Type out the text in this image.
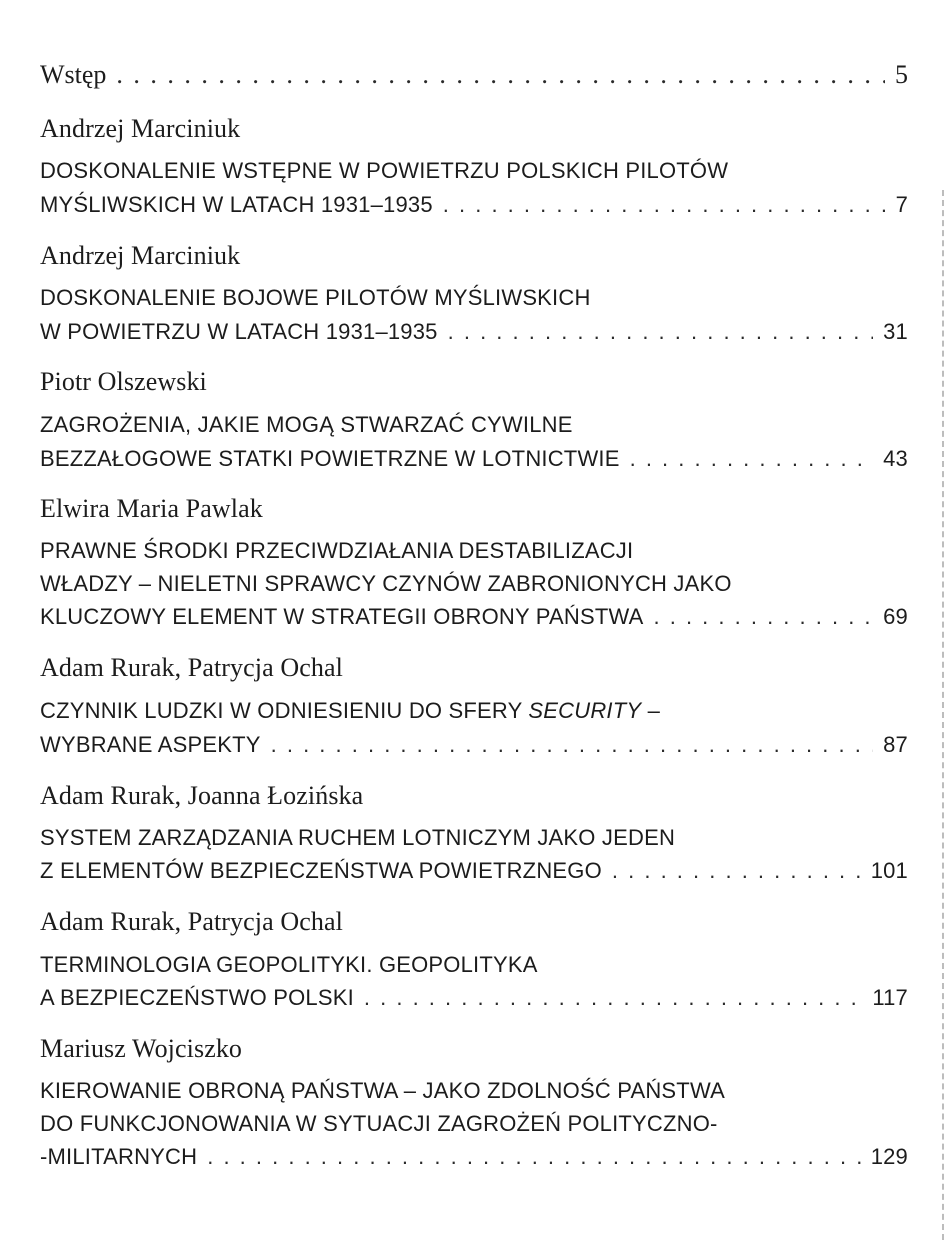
Wstęp . . .	5
Andrzej Marciniuk
DOSKONALENIE WSTĘPNE W POWIETRZU POLSKICH PILOTÓW
MYŚLIWSKICH W LATACH 1931–1935 . . .	7
Andrzej Marciniuk
DOSKONALENIE BOJOWE PILOTÓW MYŚLIWSKICH
W POWIETRZU W LATACH 1931–1935 . . .	31
Piotr Olszewski
ZAGROŻENIA, JAKIE MOGĄ STWARZAĆ CYWILNE
BEZZAŁOGOWE STATKI POWIETRZNE W LOTNICTWIE . . .	43
Elwira Maria Pawlak
PRAWNE ŚRODKI PRZECIWDZIAŁANIA DESTABILIZACJI
WŁADZY – NIELETNI SPRAWCY CZYNÓW ZABRONIONYCH JAKO
KLUCZOWY ELEMENT W STRATEGII OBRONY PAŃSTWA . . .	69
Adam Rurak, Patrycja Ochal
CZYNNIK LUDZKI W ODNIESIENIU DO SFERY SECURITY –
WYBRANE ASPEKTY . . .	87
Adam Rurak, Joanna Łozińska
SYSTEM ZARZĄDZANIA RUCHEM LOTNICZYM JAKO JEDEN
Z ELEMENTÓW BEZPIECZEŃSTWA POWIETRZNEGO . . .	101
Adam Rurak, Patrycja Ochal
TERMINOLOGIA GEOPOLITYKI. GEOPOLITYKA
A BEZPIECZEŃSTWO POLSKI . . .	117
Mariusz Wojciszko
KIEROWANIE OBRONĄ PAŃSTWA – JAKO ZDOLNOŚĆ PAŃSTWA
DO FUNKCJONOWANIA W SYTUACJI ZAGROŻEŃ POLITYCZNO-
-MILITARNYCH . . .	129
